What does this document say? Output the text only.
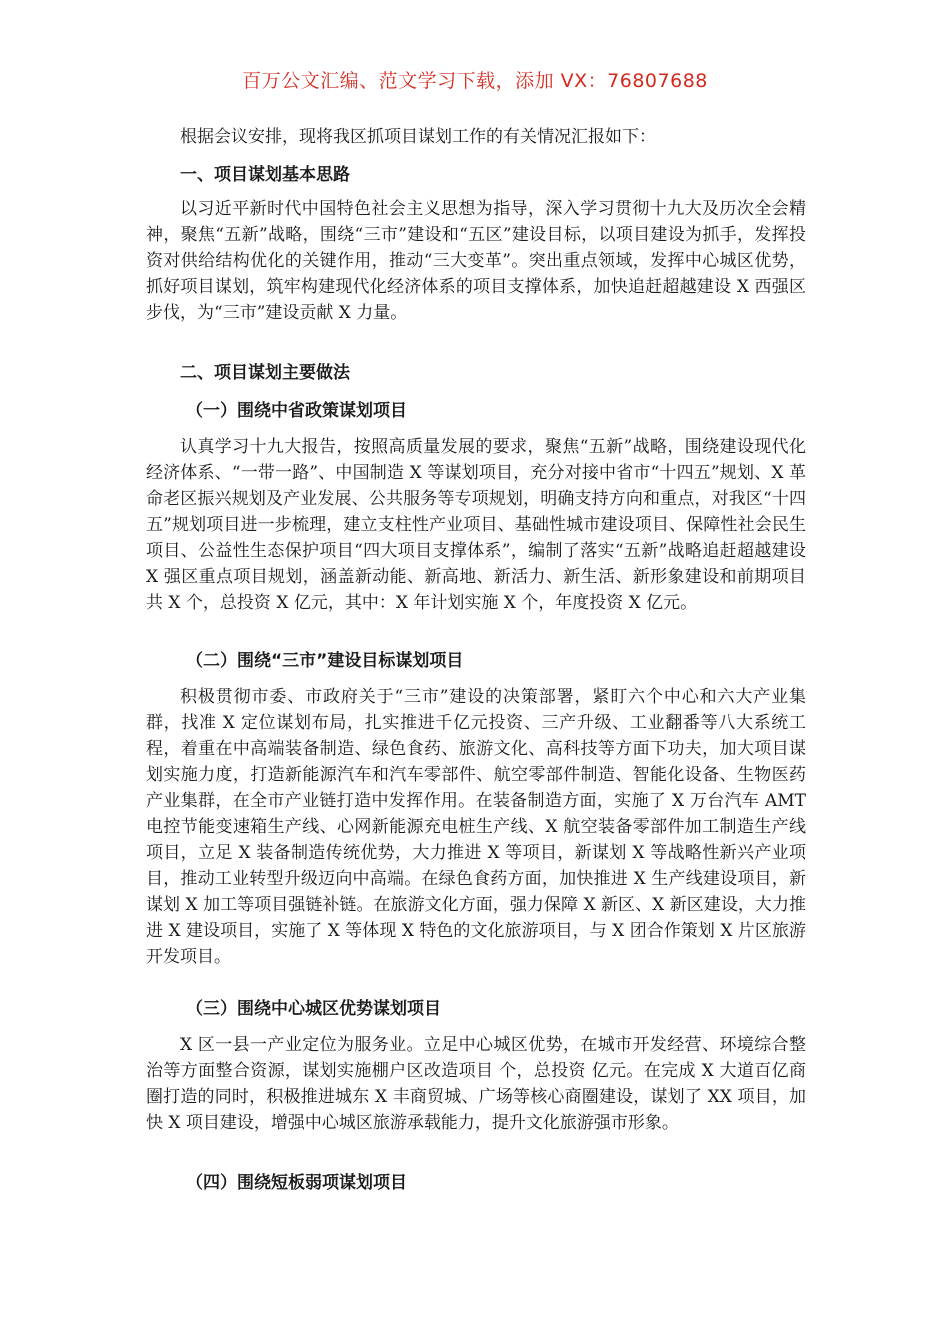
百万公文汇编、范文学习下载，添加 VX：76807688

根据会议安排，现将我区抓项目谋划工作的有关情况汇报如下：

一、项目谋划基本思路

以习近平新时代中国特色社会主义思想为指导，深入学习贯彻十九大及历次全会精神，聚焦“五新”战略，围绕“三市”建设和“五区”建设目标，以项目建设为抓手，发挥投资对供给结构优化的关键作用，推动“三大变革”。突出重点领域，发挥中心城区优势，抓好项目谋划，筑牢构建现代化经济体系的项目支撑体系，加快追赶超越建设 X 西强区步伐，为“三市”建设贡献 X 力量。

二、项目谋划主要做法
（一）围绕中省政策谋划项目

认真学习十九大报告，按照高质量发展的要求，聚焦“五新”战略，围绕建设现代化经济体系、“一带一路”、中国制造 X 等谋划项目，充分对接中省市“十四五”规划、X 革命老区振兴规划及产业发展、公共服务等专项规划，明确支持方向和重点，对我区“十四五”规划项目进一步梳理，建立支柱性产业项目、基础性城市建设项目、保障性社会民生项目、公益性生态保护项目“四大项目支撑体系”，编制了落实“五新”战略追赶超越建设 X 强区重点项目规划，涵盖新动能、新高地、新活力、新生活、新形象建设和前期项目共 X 个，总投资 X 亿元，其中：X 年计划实施 X 个，年度投资 X 亿元。

（二）围绕“三市”建设目标谋划项目

积极贯彻市委、市政府关于“三市”建设的决策部署，紧盯六个中心和六大产业集群，找准 X 定位谋划布局，扎实推进千亿元投资、三产升级、工业翻番等八大系统工程，着重在中高端装备制造、绿色食药、旅游文化、高科技等方面下功夫，加大项目谋划实施力度，打造新能源汽车和汽车零部件、航空零部件制造、智能化设备、生物医药产业集群，在全市产业链打造中发挥作用。在装备制造方面，实施了 X 万台汽车 AMT 电控节能变速箱生产线、心网新能源充电桩生产线、X 航空装备零部件加工制造生产线项目，立足 X 装备制造传统优势，大力推进 X 等项目，新谋划 X 等战略性新兴产业项目，推动工业转型升级迈向中高端。在绿色食药方面，加快推进 X 生产线建设项目，新谋划 X 加工等项目强链补链。在旅游文化方面，强力保障 X 新区、X 新区建设，大力推进 X 建设项目，实施了 X 等体现 X 特色的文化旅游项目，与 X 团合作策划 X 片区旅游开发项目。

（三）围绕中心城区优势谋划项目

X 区一县一产业定位为服务业。立足中心城区优势，在城市开发经营、环境综合整治等方面整合资源，谋划实施棚户区改造项目 个，总投资 亿元。在完成 X 大道百亿商圈打造的同时，积极推进城东 X 丰商贸城、广场等核心商圈建设，谋划了 XX 项目，加快 X 项目建设，增强中心城区旅游承载能力，提升文化旅游强市形象。

（四）围绕短板弱项谋划项目
